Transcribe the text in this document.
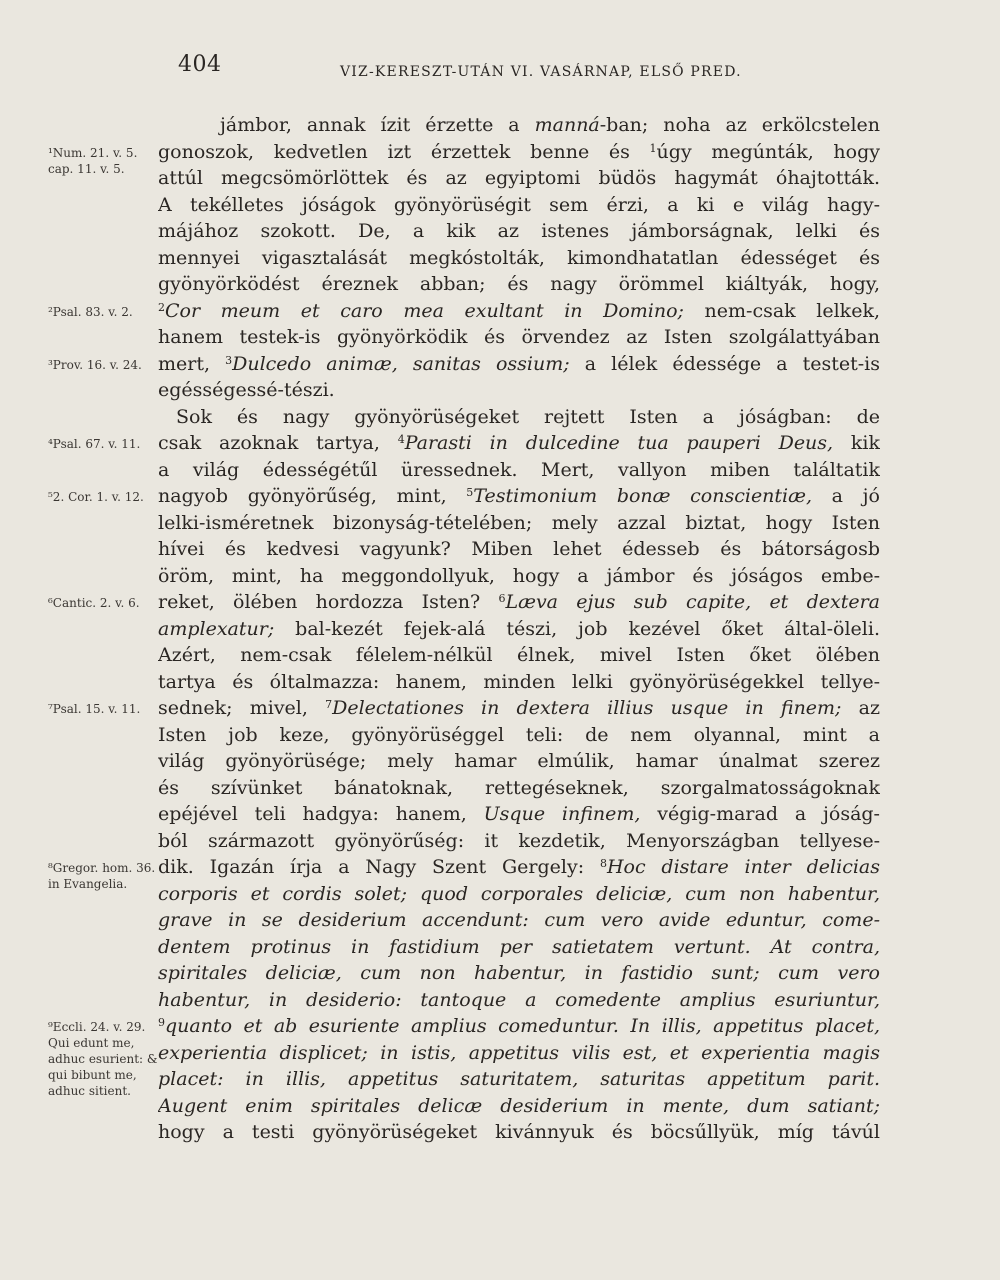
404	VIZ-KERESZT-UTÁN VI. VASÁRNAP, ELSŐ PRED.
jámbor, annak ízit érzette a manná-ban; noha az erkölcstelen
gonoszok, kedvetlen izt érzettek benne és $^1$úgy megúnták, hogy
attúl megcsömörlöttek és az egyiptomi büdös hagymát óhajtották.
A tekélletes jóságok gyönyörüségit sem érzi, a ki e világ hagy-
májához szokott. De, a kik az istenes jámborságnak, lelki és
mennyei vigasztalását megkóstolták, kimondhatatlan édességet és
gyönyörködést éreznek abban; és nagy örömmel kiáltyák, hogy,
$^2$Cor meum et caro mea exultant in Domino; nem-csak lelkek,
hanem testek-is gyönyörködik és örvendez az Isten szolgálattyában
mert, $^3$Dulcedo animæ, sanitas ossium; a lélek édessége a testet-is
egésségessé-tészi.
Sok és nagy gyönyörüségeket rejtett Isten a jóságban: de
csak azoknak tartya, $^4$Parasti in dulcedine tua pauperi Deus, kik
a világ édességétűl üressednek. Mert, vallyon miben találtatik
nagyob gyönyörűség, mint, $^5$Testimonium bonæ conscientiæ, a jó
lelki-isméretnek bizonyság-tételében; mely azzal biztat, hogy Isten
hívei és kedvesi vagyunk? Miben lehet édesseb és bátorságosb
öröm, mint, ha meggondollyuk, hogy a jámbor és jóságos embe-
reket, ölében hordozza Isten? $^6$Læva ejus sub capite, et dextera
amplexatur; bal-kezét fejek-alá tészi, job kezével őket által-öleli.
Azért, nem-csak félelem-nélkül élnek, mivel Isten őket ölében
tartya és óltalmazza: hanem, minden lelki gyönyörüségekkel tellye-
sednek; mivel, $^7$Delectationes in dextera illius usque in finem; az
Isten job keze, gyönyörüséggel teli: de nem olyannal, mint a
világ gyönyörüsége; mely hamar elmúlik, hamar únalmat szerez
és szívünket bánatoknak, rettegéseknek, szorgalmatosságoknak
epéjével teli hadgya: hanem, Usque infinem, végig-marad a jóság-
ból származott gyönyörűség: it kezdetik, Menyországban tellyese-
dik. Igazán írja a Nagy Szent Gergely: $^8$Hoc distare inter delicias
corporis et cordis solet; quod corporales deliciæ, cum non habentur,
grave in se desiderium accendunt: cum vero avide eduntur, come-
dentem protinus in fastidium per satietatem vertunt. At contra,
spiritales deliciæ, cum non habentur, in fastidio sunt; cum vero
habentur, in desiderio: tantoque a comedente amplius esuriuntur,
$^9$quanto et ab esuriente amplius comeduntur. In illis, appetitus placet,
experientia displicet; in istis, appetitus vilis est, et experientia magis
placet: in illis, appetitus saturitatem, saturitas appetitum parit.
Augent enim spiritales delicæ desiderium in mente, dum satiant;
hogy a testi gyönyörüségeket kivánnyuk és böcsűllyük, míg távúl
¹Num. 21. v. 5. cap. 11. v. 5.
²Psal. 83. v. 2.
³Prov. 16. v. 24.
⁴Psal. 67. v. 11.
⁵2. Cor. 1. v. 12.
⁶Cantic. 2. v. 6.
⁷Psal. 15. v. 11.
⁸Gregor. hom. 36. in Evangelia.
⁹Eccli. 24. v. 29. Qui edunt me, adhuc esurient: & qui bibunt me, adhuc sitient.
